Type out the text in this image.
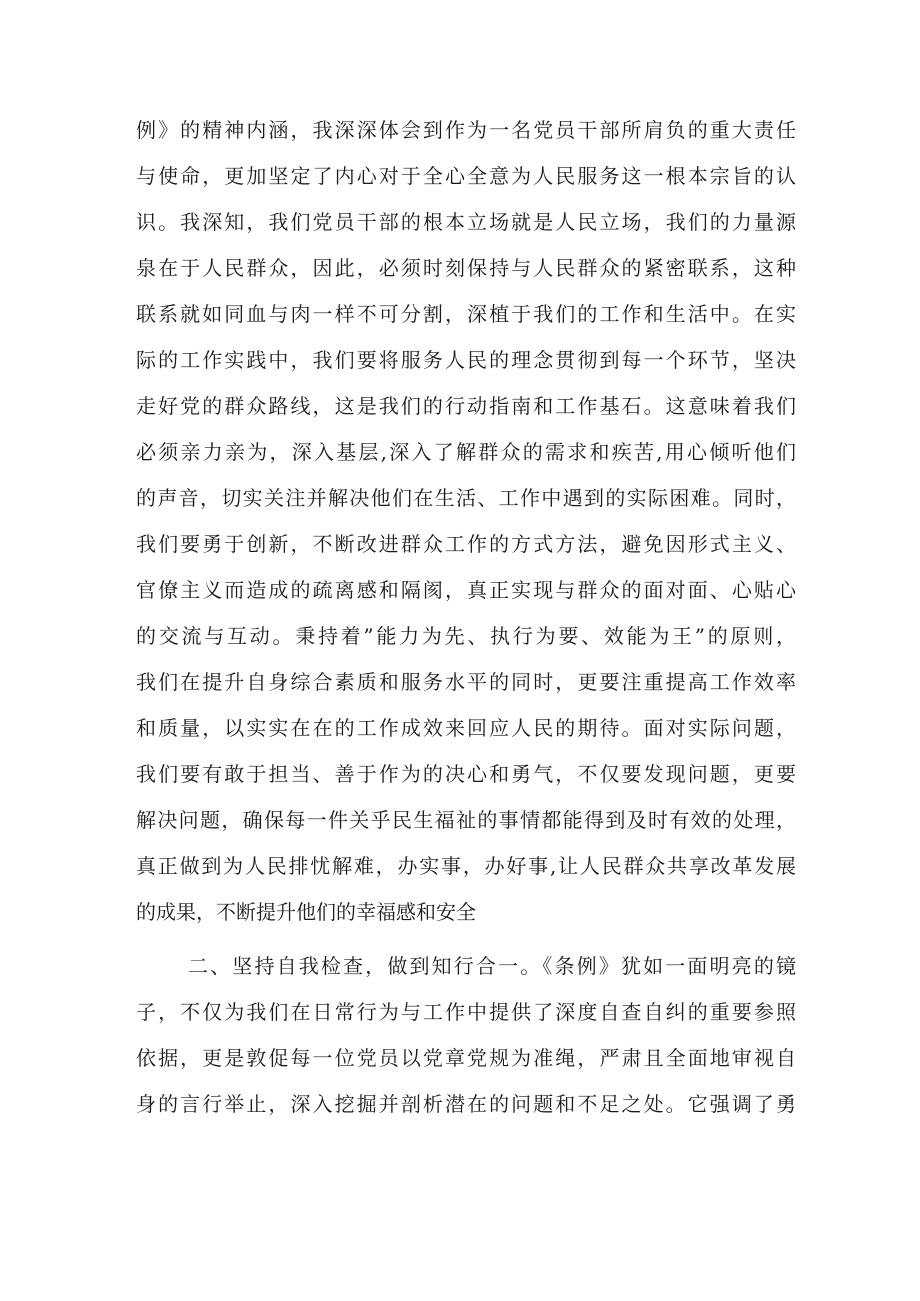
例》的精神内涵，我深深体会到作为一名党员干部所肩负的重大责任
与使命，更加坚定了内心对于全心全意为人民服务这一根本宗旨的认
识。我深知，我们党员干部的根本立场就是人民立场，我们的力量源
泉在于人民群众，因此，必须时刻保持与人民群众的紧密联系，这种
联系就如同血与肉一样不可分割，深植于我们的工作和生活中。在实
际的工作实践中，我们要将服务人民的理念贯彻到每一个环节，坚决
走好党的群众路线，这是我们的行动指南和工作基石。这意味着我们
必须亲力亲为，深入基层,深入了解群众的需求和疾苦,用心倾听他们
的声音，切实关注并解决他们在生活、工作中遇到的实际困难。同时，
我们要勇于创新，不断改进群众工作的方式方法，避免因形式主义、
官僚主义而造成的疏离感和隔阂，真正实现与群众的面对面、心贴心
的交流与互动。秉持着”能力为先、执行为要、效能为王”的原则，
我们在提升自身综合素质和服务水平的同时，更要注重提高工作效率
和质量，以实实在在的工作成效来回应人民的期待。面对实际问题，
我们要有敢于担当、善于作为的决心和勇气，不仅要发现问题，更要
解决问题，确保每一件关乎民生福祉的事情都能得到及时有效的处理，
真正做到为人民排忧解难，办实事，办好事,让人民群众共享改革发展
的成果，不断提升他们的幸福感和安全
二、坚持自我检查，做到知行合一。《条例》犹如一面明亮的镜
子，不仅为我们在日常行为与工作中提供了深度自查自纠的重要参照
依据，更是敦促每一位党员以党章党规为准绳，严肃且全面地审视自
身的言行举止，深入挖掘并剖析潜在的问题和不足之处。它强调了勇
